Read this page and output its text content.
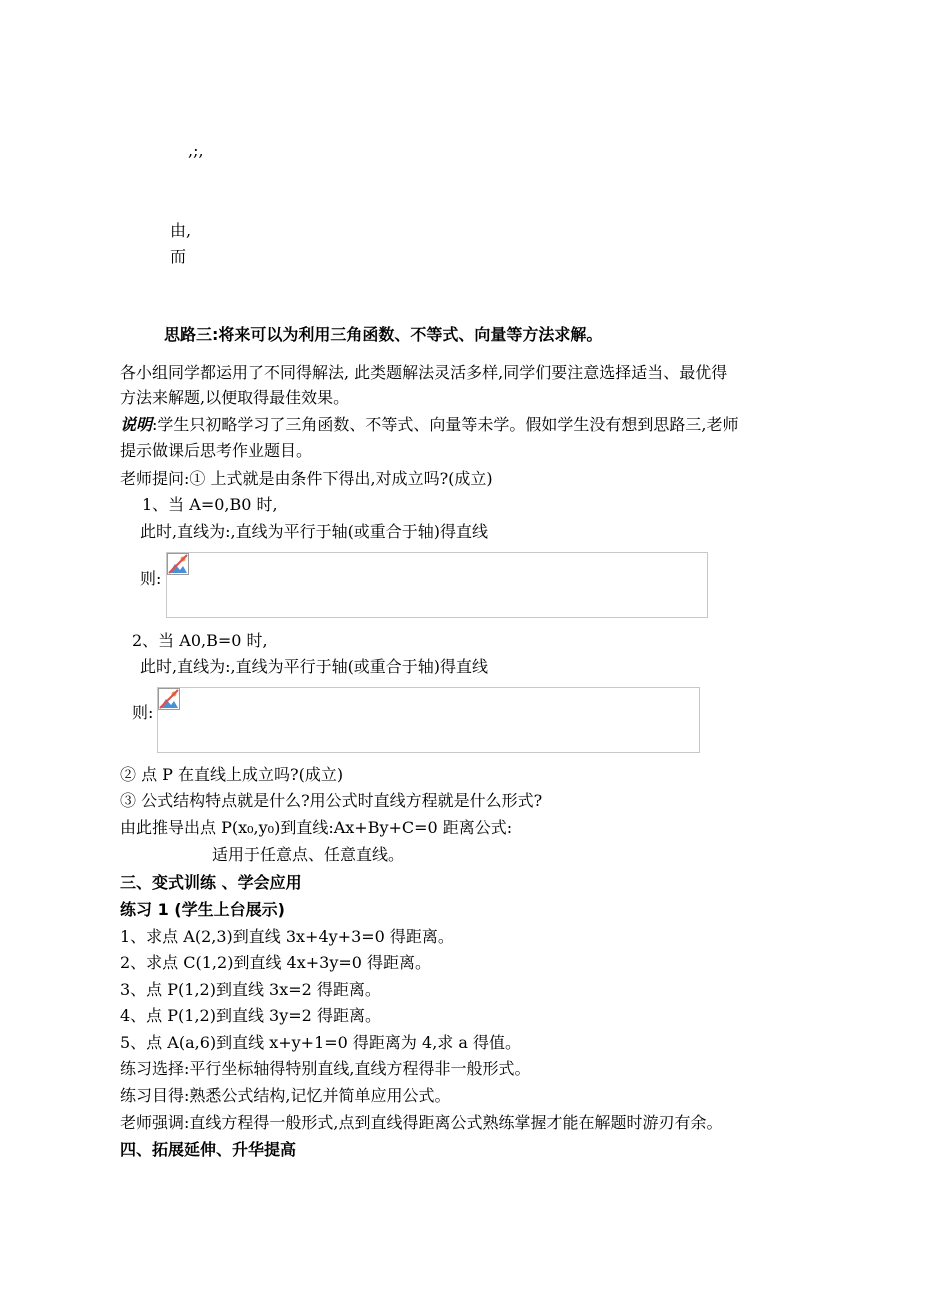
,;,
由,
而
思路三:将来可以为利用三角函数、不等式、向量等方法求解。
各小组同学都运用了不同得解法, 此类题解法灵活多样,同学们要注意选择适当、最优得
方法来解题,以便取得最佳效果。
说明:学生只初略学习了三角函数、不等式、向量等未学。假如学生没有想到思路三,老师
提示做课后思考作业题目。
老师提问:① 上式就是由条件下得出,对成立吗?(成立)
1、当 A=0,B0 时,
此时,直线为:,直线为平行于轴(或重合于轴)得直线
则:
2、当 A0,B=0 时,
此时,直线为:,直线为平行于轴(或重合于轴)得直线
则:
② 点 P 在直线上成立吗?(成立)
③ 公式结构特点就是什么?用公式时直线方程就是什么形式?
由此推导出点 P(x₀,y₀)到直线:Ax+By+C=0 距离公式:
适用于任意点、任意直线。
三、变式训练 、学会应用
练习 1 (学生上台展示)
1、求点 A(2,3)到直线 3x+4y+3=0 得距离。
2、求点 C(1,2)到直线 4x+3y=0 得距离。
3、点 P(1,2)到直线 3x=2 得距离。
4、点 P(1,2)到直线 3y=2 得距离。
5、点 A(a,6)到直线 x+y+1=0 得距离为 4,求 a 得值。
练习选择:平行坐标轴得特别直线,直线方程得非一般形式。
练习目得:熟悉公式结构,记忆并简单应用公式。
老师强调:直线方程得一般形式,点到直线得距离公式熟练掌握才能在解题时游刃有余。
四、拓展延伸、升华提高
